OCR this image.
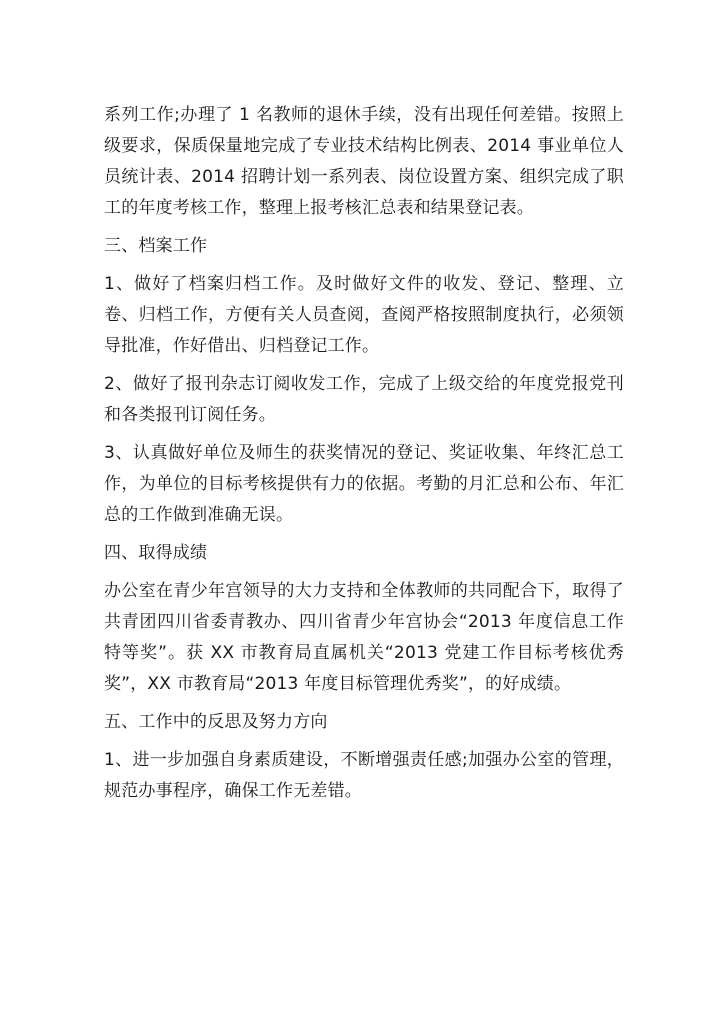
系列工作;办理了 1 名教师的退休手续，没有出现任何差错。按照上级要求，保质保量地完成了专业技术结构比例表、2014 事业单位人员统计表、2014 招聘计划一系列表、岗位设置方案、组织完成了职工的年度考核工作，整理上报考核汇总表和结果登记表。

三、档案工作

1、做好了档案归档工作。及时做好文件的收发、登记、整理、立卷、归档工作，方便有关人员查阅，查阅严格按照制度执行，必须领导批准，作好借出、归档登记工作。

2、做好了报刊杂志订阅收发工作，完成了上级交给的年度党报党刊和各类报刊订阅任务。

3、认真做好单位及师生的获奖情况的登记、奖证收集、年终汇总工作，为单位的目标考核提供有力的依据。考勤的月汇总和公布、年汇总的工作做到准确无误。

四、取得成绩

办公室在青少年宫领导的大力支持和全体教师的共同配合下，取得了共青团四川省委青教办、四川省青少年宫协会“2013 年度信息工作特等奖”。获 XX 市教育局直属机关“2013 党建工作目标考核优秀奖”，XX 市教育局“2013 年度目标管理优秀奖”，的好成绩。

五、工作中的反思及努力方向

1、进一步加强自身素质建设，不断增强责任感;加强办公室的管理，规范办事程序，确保工作无差错。
